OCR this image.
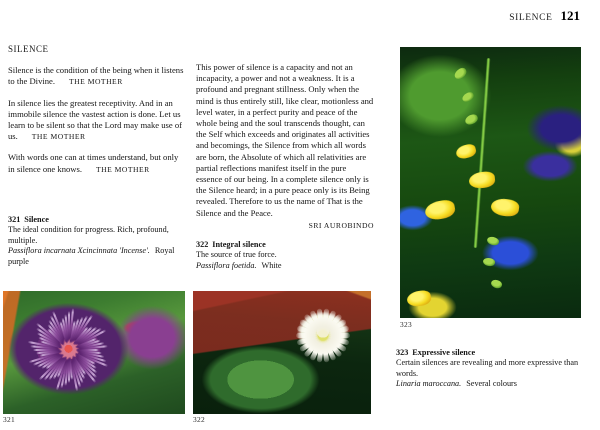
SILENCE 121
SILENCE

Silence is the condition of the being when it listens to the Divine. THE MOTHER

In silence lies the greatest receptivity. And in an immobile silence the vastest action is done. Let us learn to be silent so that the Lord may make use of us. THE MOTHER

With words one can at times understand, but only in silence one knows. THE MOTHER

This power of silence is a capacity and not an incapacity, a power and not a weakness. It is a profound and pregnant stillness. Only when the mind is thus entirely still, like clear, motionless and level water, in a perfect purity and peace of the whole being and the soul transcends thought, can the Self which exceeds and originates all activities and becomings, the Silence from which all words are born, the Absolute of which all relativities are partial reflections manifest itself in the pure essence of our being. In a complete silence only is the Silence heard; in a pure peace only is its Being revealed. Therefore to us the name of That is the Silence and the Peace.
SRI AUROBINDO

321 Silence
The ideal condition for progress. Rich, profound, multiple.
Passiflora incarnata Xcincinnata 'Incense'. Royal purple
322 Integral silence
The source of true force.
Passiflora foetida. White
323 Expressive silence
Certain silences are revealing and more expressive than words.
Linaria maroccana. Several colours
321	322
323
